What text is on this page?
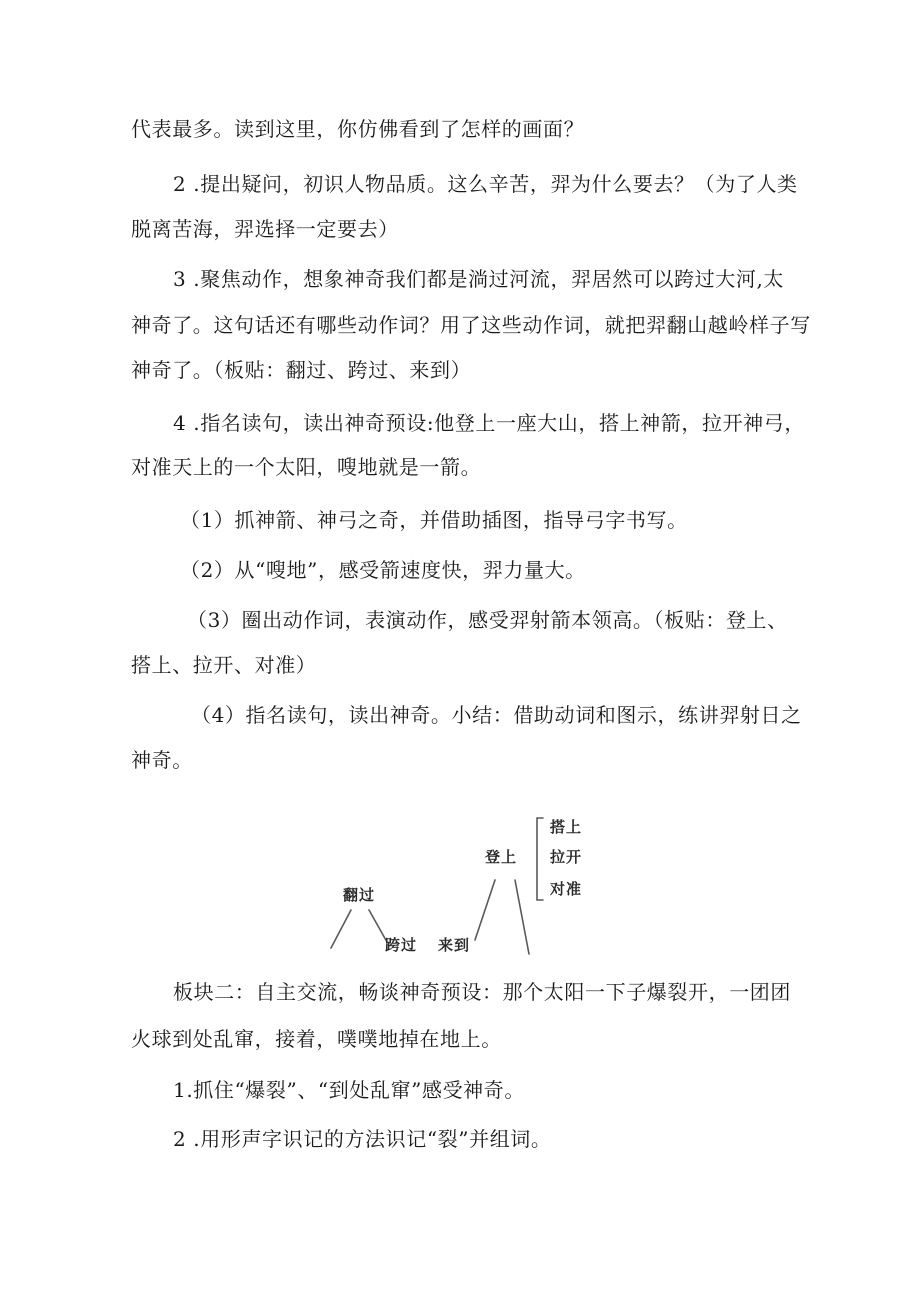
代表最多。读到这里，你仿佛看到了怎样的画面？
2 .提出疑问，初识人物品质。这么辛苦，羿为什么要去？（为了人类
脱离苦海，羿选择一定要去）
3 .聚焦动作，想象神奇我们都是淌过河流，羿居然可以跨过大河,太
神奇了。这句话还有哪些动作词？用了这些动作词，就把羿翻山越岭样子写
神奇了。（板贴：翻过、跨过、来到）
4 .指名读句，读出神奇预设:他登上一座大山，搭上神箭，拉开神弓，
对准天上的一个太阳，嗖地就是一箭。
（1）抓神箭、神弓之奇，并借助插图，指导弓字书写。
（2）从“嗖地”，感受箭速度快，羿力量大。
（3）圈出动作词，表演动作，感受羿射箭本领高。（板贴：登上、
搭上、拉开、对准）
（4）指名读句，读出神奇。小结：借助动词和图示，练讲羿射日之
神奇。
翻过
跨过 来到
登上
搭上
拉开
对准
板块二：自主交流，畅谈神奇预设：那个太阳一下子爆裂开，一团团
火球到处乱窜，接着，噗噗地掉在地上。
1.抓住“爆裂”、“到处乱窜”感受神奇。
2 .用形声字识记的方法识记“裂”并组词。
